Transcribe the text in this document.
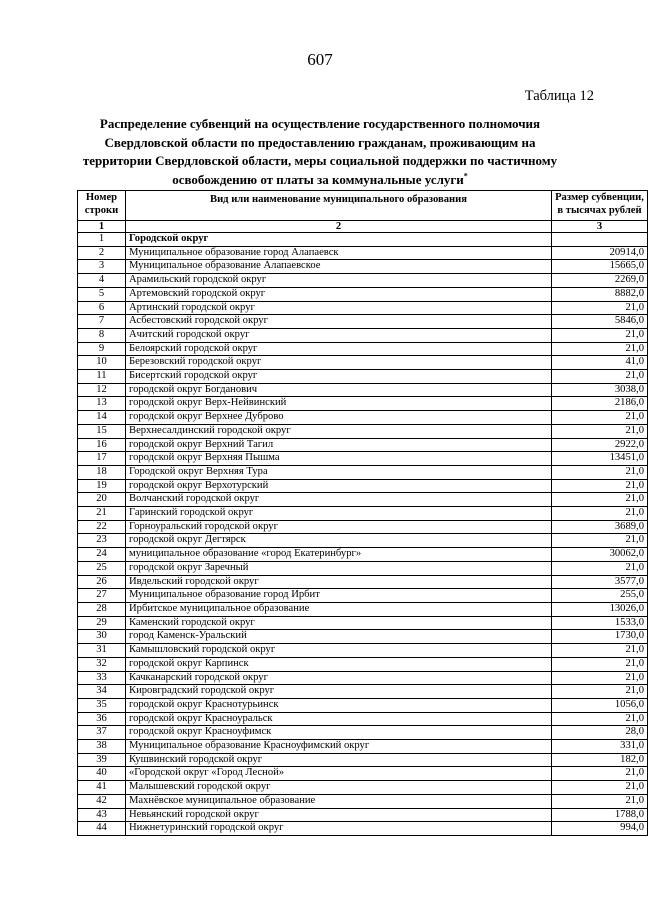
607
Таблица 12
Распределение субвенций на осуществление государственного полномочия Свердловской области по предоставлению гражданам, проживающим на территории Свердловской области, меры социальной поддержки по частичному освобождению от платы за коммунальные услуги*
Номер строки	Вид или наименование муниципального образования	Размер субвенции, в тысячах рублей
1	2	3
1	Городской округ	
2	Муниципальное образование город Алапаевск	20914,0
3	Муниципальное образование Алапаевское	15665,0
4	Арамильский городской округ	2269,0
5	Артемовский городской округ	8882,0
6	Артинский городской округ	21,0
7	Асбестовский городской округ	5846,0
8	Ачитский городской округ	21,0
9	Белоярский городской округ	21,0
10	Березовский городской округ	41,0
11	Бисертский городской округ	21,0
12	городской округ Богданович	3038,0
13	городской округ Верх-Нейвинский	2186,0
14	городской округ Верхнее Дуброво	21,0
15	Верхнесалдинский городской округ	21,0
16	городской округ Верхний Тагил	2922,0
17	городской округ Верхняя Пышма	13451,0
18	Городской округ Верхняя Тура	21,0
19	городской округ Верхотурский	21,0
20	Волчанский городской округ	21,0
21	Гаринский городской округ	21,0
22	Горноуральский городской округ	3689,0
23	городской округ Дегтярск	21,0
24	муниципальное образование «город Екатеринбург»	30062,0
25	городской округ Заречный	21,0
26	Ивдельский городской округ	3577,0
27	Муниципальное образование город Ирбит	255,0
28	Ирбитское муниципальное образование	13026,0
29	Каменский городской округ	1533,0
30	город Каменск-Уральский	1730,0
31	Камышловский городской округ	21,0
32	городской округ Карпинск	21,0
33	Качканарский городской округ	21,0
34	Кировградский городской округ	21,0
35	городской округ Краснотурьинск	1056,0
36	городской округ Красноуральск	21,0
37	городской округ Красноуфимск	28,0
38	Муниципальное образование Красноуфимский округ	331,0
39	Кушвинский городской округ	182,0
40	«Городской округ «Город Лесной»	21,0
41	Малышевский городской округ	21,0
42	Махнёвское муниципальное образование	21,0
43	Невьянский городской округ	1788,0
44	Нижнетуринский городской округ	994,0
